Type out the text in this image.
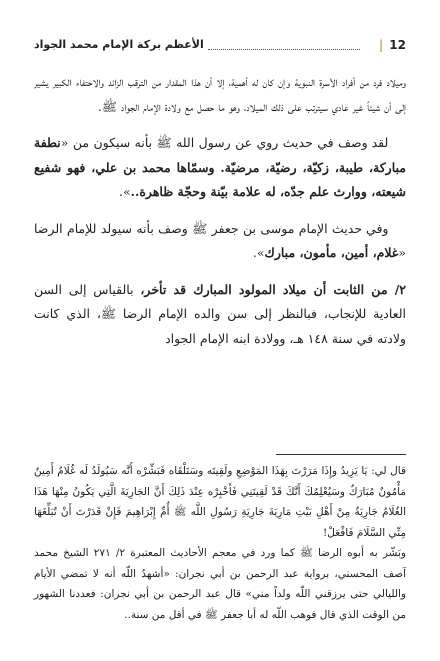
12|
الأعظم بركة الإمام محمد الجواد

وميلاد فرد من أفراد الأسرة النبوية وإن كان له أهمية، إلا أن هذا المقدار من الترقب الزائد والاحتفاء الكبير يشير إلى أن شيئاً غير عادي سيترتب على ذلك الميلاد، وهو ما حصل مع ولادة الإمام الجواد ﷺ.

لقد وصف في حديث روي عن رسول الله ﷺ بأنه سيكون من «نطفة مباركة، طيبة، زكيّة، رضيّة، مرضيّة. وسمّاها محمد بن علي، فهو شفيع شيعته، ووارث علم جدّه، له علامة بيّنة وحجّة ظاهرة..».

وفي حديث الإمام موسى بن جعفر ﷺ وصف بأنه سيولد للإمام الرضا «غلام، أمين، مأمون، مبارك».

٢/ من الثابت أن ميلاد المولود المبارك قد تأخر، بالقياس إلى السن العادية للإنجاب، فبالنظر إلى سن والده الإمام الرضا ﷺ، الذي كانت ولادته في سنة ١٤٨ هـ، وولادة ابنه الإمام الجواد

قال لي: يَا يَزِيدُ وإِذَا مَرَرْتَ بِهَذَا المَوْضِعِ ولَقِيتَه وسَتَلْقَاه فَبَشِّرْه أَنَّه سَيُولَدُ لَه غُلَامٌ أَمِينٌ مَأْمُونٌ مُبَارَكٌ وسَيُعْلِمُكَ أَنَّكَ قَدْ لَقِيتَنِي فَأَخْبِرْه عِنْدَ ذَلِكَ أَنَّ الجَارِيَةَ الَّتِي يَكُونُ مِنْهَا هَذَا الغُلَامُ جَارِيَةٌ مِنْ أَهْلِ بَيْتِ مَارِيَةَ جَارِيَةِ رَسُولِ اللَّه ﷺ أُمِّ إِبْرَاهِيمَ فَإِنْ قَدَرْتَ أَنْ تُبَلِّغَهَا مِنِّي السَّلَامَ فَافْعَلْ!

وبَشّر به أبوه الرضا ﷺ كما ورد في معجم الأحاديث المعتبرة ٢/ ٢٧١ الشيخ محمد آصف المحسني، برواية عبد الرحمن بن أبي نجران: «أشهدُ اللّه أنه لا تمضي الأيام والليالي حتى يرزقني اللّه ولداً مني» قال عبد الرحمن بن أبي نجران: فعددنا الشهور من الوقت الذي قال فوهب اللّه له أبا جعفر ﷺ في أقل من سنة..
